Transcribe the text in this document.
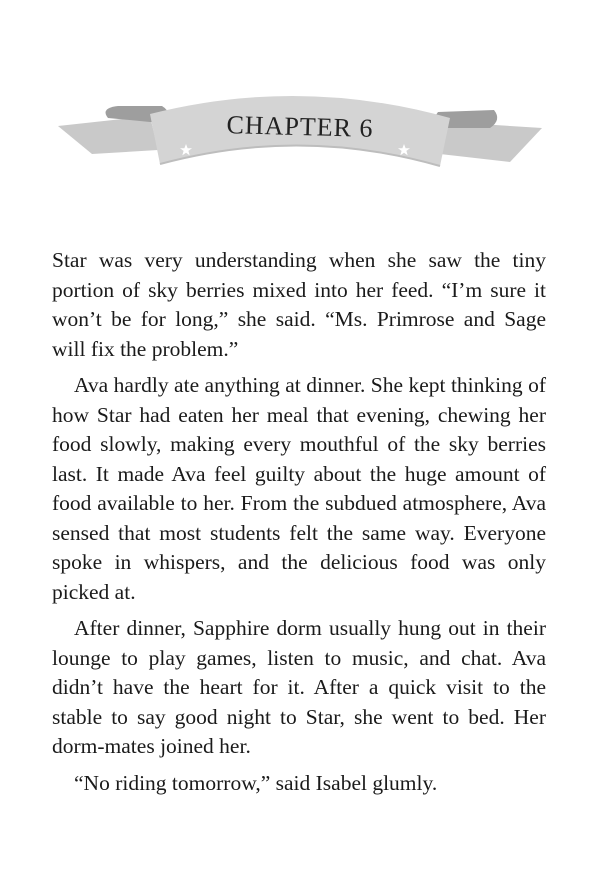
CHAPTER 6

Star was very understanding when she saw the tiny portion of sky berries mixed into her feed. “I’m sure it won’t be for long,” she said. “Ms. Primrose and Sage will fix the problem.”

Ava hardly ate anything at dinner. She kept thinking of how Star had eaten her meal that evening, chewing her food slowly, making every mouthful of the sky berries last. It made Ava feel guilty about the huge amount of food available to her. From the subdued atmosphere, Ava sensed that most students felt the same way. Everyone spoke in whispers, and the delicious food was only picked at.

After dinner, Sapphire dorm usually hung out in their lounge to play games, listen to music, and chat. Ava didn’t have the heart for it. After a quick visit to the stable to say good night to Star, she went to bed. Her dorm-mates joined her.

“No riding tomorrow,” said Isabel glumly.
